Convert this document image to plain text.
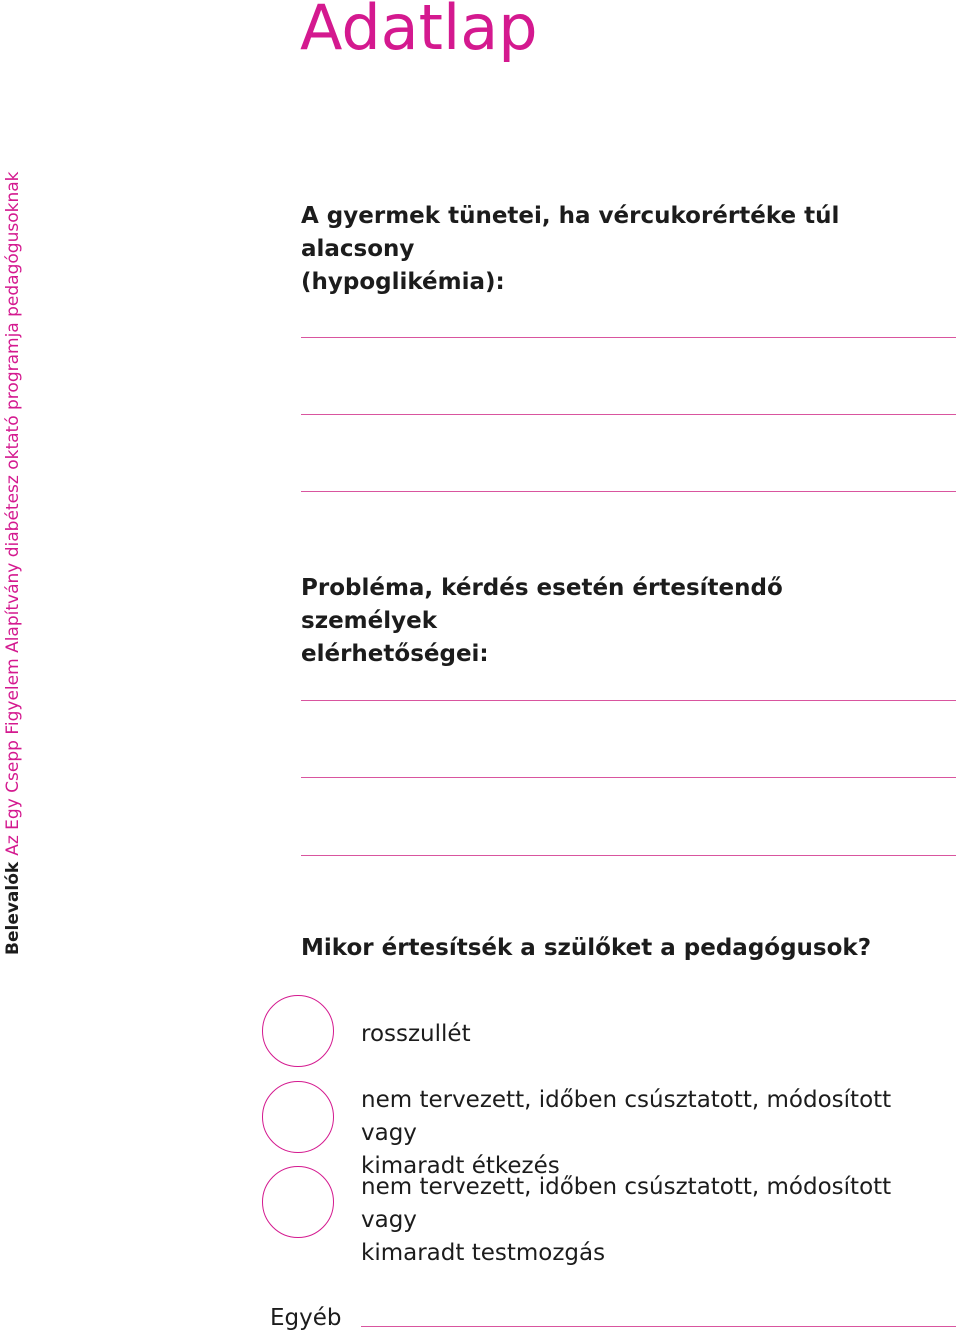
Adatlap
BelevalókAz Egy Csepp Figyelem Alapítvány diabétesz oktató programja pedagógusoknak	A gyermek tünetei, ha vércukorértéke túl alacsony
(hypoglikémia):

Probléma, kérdés esetén értesítendő személyek
elérhetőségei:

Mikor értesítsék a szülőket a pedagógusok?

rosszullét

nem tervezett, időben csúsztatott, módosított vagy
kimaradt étkezés

nem tervezett, időben csúsztatott, módosított vagy
kimaradt testmozgás

Egyéb
